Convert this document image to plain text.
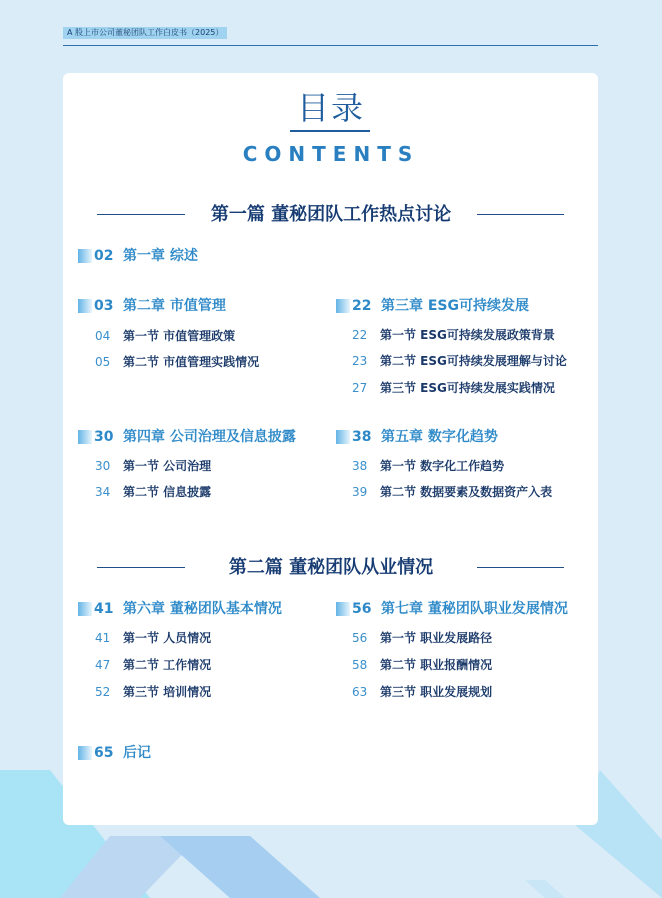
A 股上市公司董秘团队工作白皮书（2025）
目录
CONTENTS
第一篇 董秘团队工作热点讨论
02 第一章 综述
03 第二章 市值管理
04	第一节 市值管理政策
05	第二节 市值管理实践情况
22 第三章 ESG可持续发展
22	第一节 ESG可持续发展政策背景
23	第二节 ESG可持续发展理解与讨论
27	第三节 ESG可持续发展实践情况
30 第四章 公司治理及信息披露
30	第一节 公司治理
34	第二节 信息披露
38 第五章 数字化趋势
38	第一节 数字化工作趋势
39	第二节 数据要素及数据资产入表
第二篇 董秘团队从业情况
41 第六章 董秘团队基本情况
41	第一节 人员情况
47	第二节 工作情况
52	第三节 培训情况
56 第七章 董秘团队职业发展情况
56	第一节 职业发展路径
58	第二节 职业报酬情况
63	第三节 职业发展规划
65 后记
